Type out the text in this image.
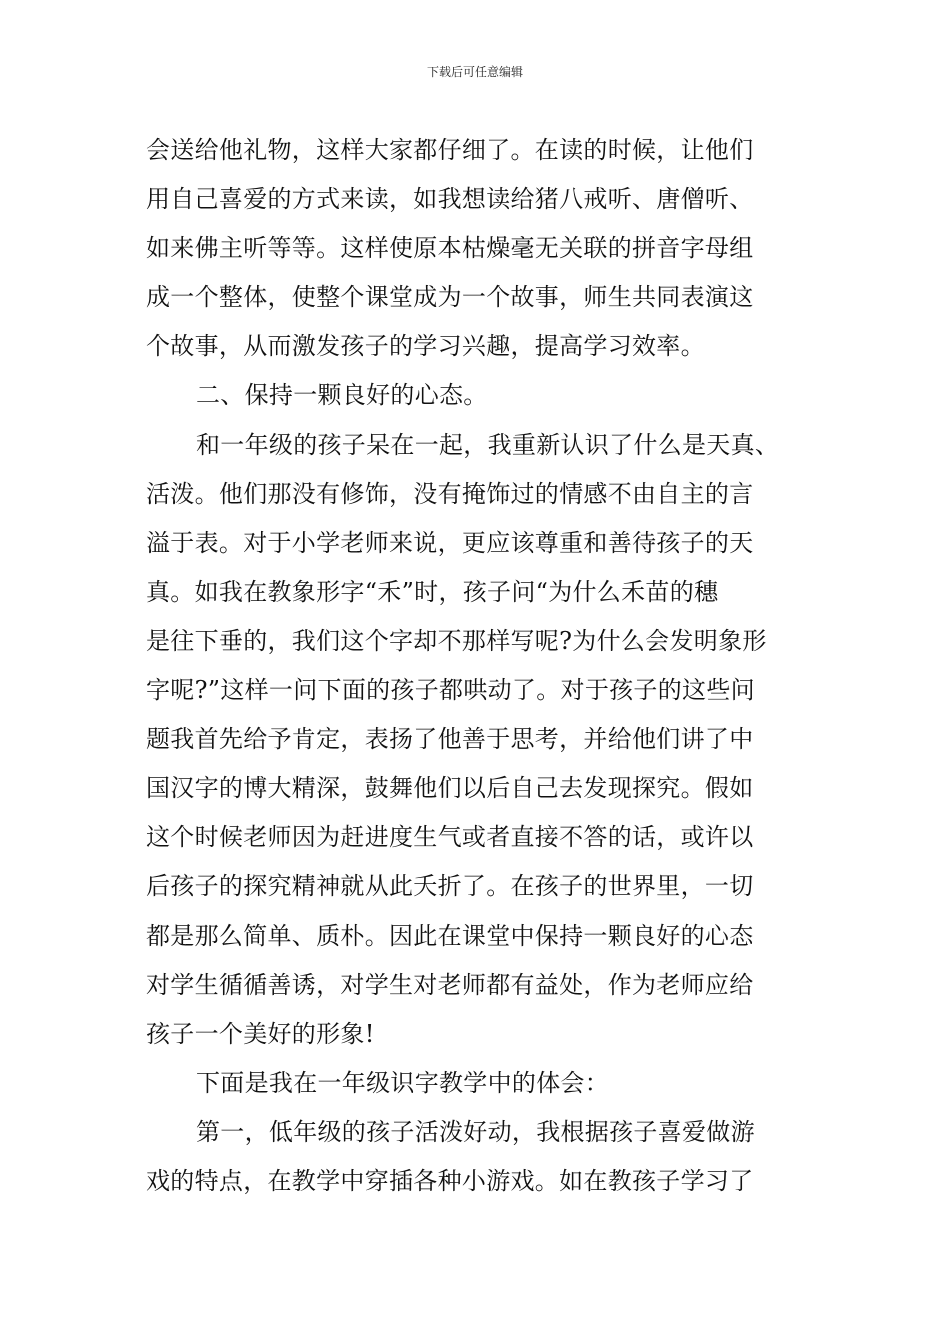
下载后可任意编辑
会送给他礼物，这样大家都仔细了。在读的时候，让他们
用自己喜爱的方式来读，如我想读给猪八戒听、唐僧听、
如来佛主听等等。这样使原本枯燥毫无关联的拼音字母组
成一个整体，使整个课堂成为一个故事，师生共同表演这
个故事，从而激发孩子的学习兴趣，提高学习效率。
二、保持一颗良好的心态。
和一年级的孩子呆在一起，我重新认识了什么是天真、
活泼。他们那没有修饰，没有掩饰过的情感不由自主的言
溢于表。对于小学老师来说，更应该尊重和善待孩子的天
真。如我在教象形字“禾”时，孩子问“为什么禾苗的穗
是往下垂的，我们这个字却不那样写呢?为什么会发明象形
字呢?”这样一问下面的孩子都哄动了。对于孩子的这些问
题我首先给予肯定，表扬了他善于思考，并给他们讲了中
国汉字的博大精深，鼓舞他们以后自己去发现探究。假如
这个时候老师因为赶进度生气或者直接不答的话，或许以
后孩子的探究精神就从此夭折了。在孩子的世界里，一切
都是那么简单、质朴。因此在课堂中保持一颗良好的心态
对学生循循善诱，对学生对老师都有益处，作为老师应给
孩子一个美好的形象!
下面是我在一年级识字教学中的体会：
第一，低年级的孩子活泼好动，我根据孩子喜爱做游
戏的特点，在教学中穿插各种小游戏。如在教孩子学习了
